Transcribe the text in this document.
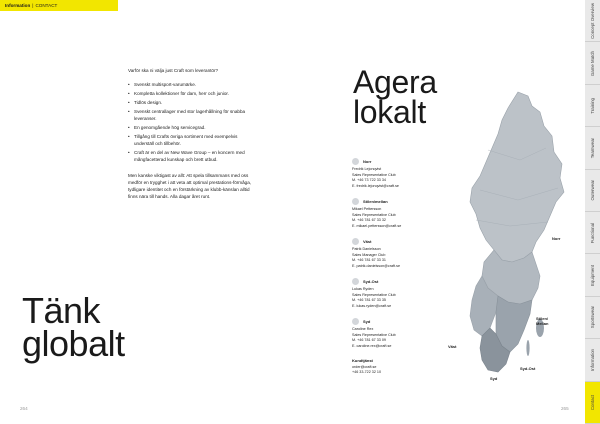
Information | CONTACT

Varför ska ni välja just Craft som leverantör?

• Svenskt multisport-varumärke.
• Kompletta kollektioner för dam, herr och junior.
• Tidlös design.
• Svenskt centrallager med stor lagerhållning för snabba leveranser.
• En genomgående hög servicegrad.
• Tillgång till Crafts övriga sortiment med exempelvis underställ och tillbehör.
• Craft är en del av New Wave Group – en koncern med mångfacetterad kunskap och brett utbud.

Men kanske viktigast av allt: Att spela tillsammans med oss medför en trygghet i att veta att optimal prestations-förmåga, tydligare identitet och en förstärkning av klubb-känslan alltid finns nära till hands. Alla dagar året runt.

Tänk
globalt
264
Agera
lokalt
Norr
Fredrik Lejonqvist
Sales Representative Club
M. +46 73 722 33 34
E. fredrik.lejonqvist@craft.se
Stilen/mellan
Mikael Pettersson
Sales Representative Club
M. +46 781 67 33 32
E. mikael.pettersson@craft.se
Väst
Patrik Danielsson
Sales Manager Club
M. +46 781 67 33 31
E. patrik.danielsson@craft.se
Syd-Ost
Lukas Ryden
Sales Representative Club
M. +46 781 67 33 35
E. lukas.ryden@craft.se
Syd
Caroline Rex
Sales Representative Club
M. +46 781 67 33 09
E. caroline.rex@craft.se
Kundtjänst
order@craft.se
+46 33-722 32 10
Norr
Stilen/
Mellan
Väst
Syd-Ost
Syd
265
Concept Overview
Game Match
Training
Teamwear
Outerwear
Functional
Equipment
Sportswear
Information
Contact
